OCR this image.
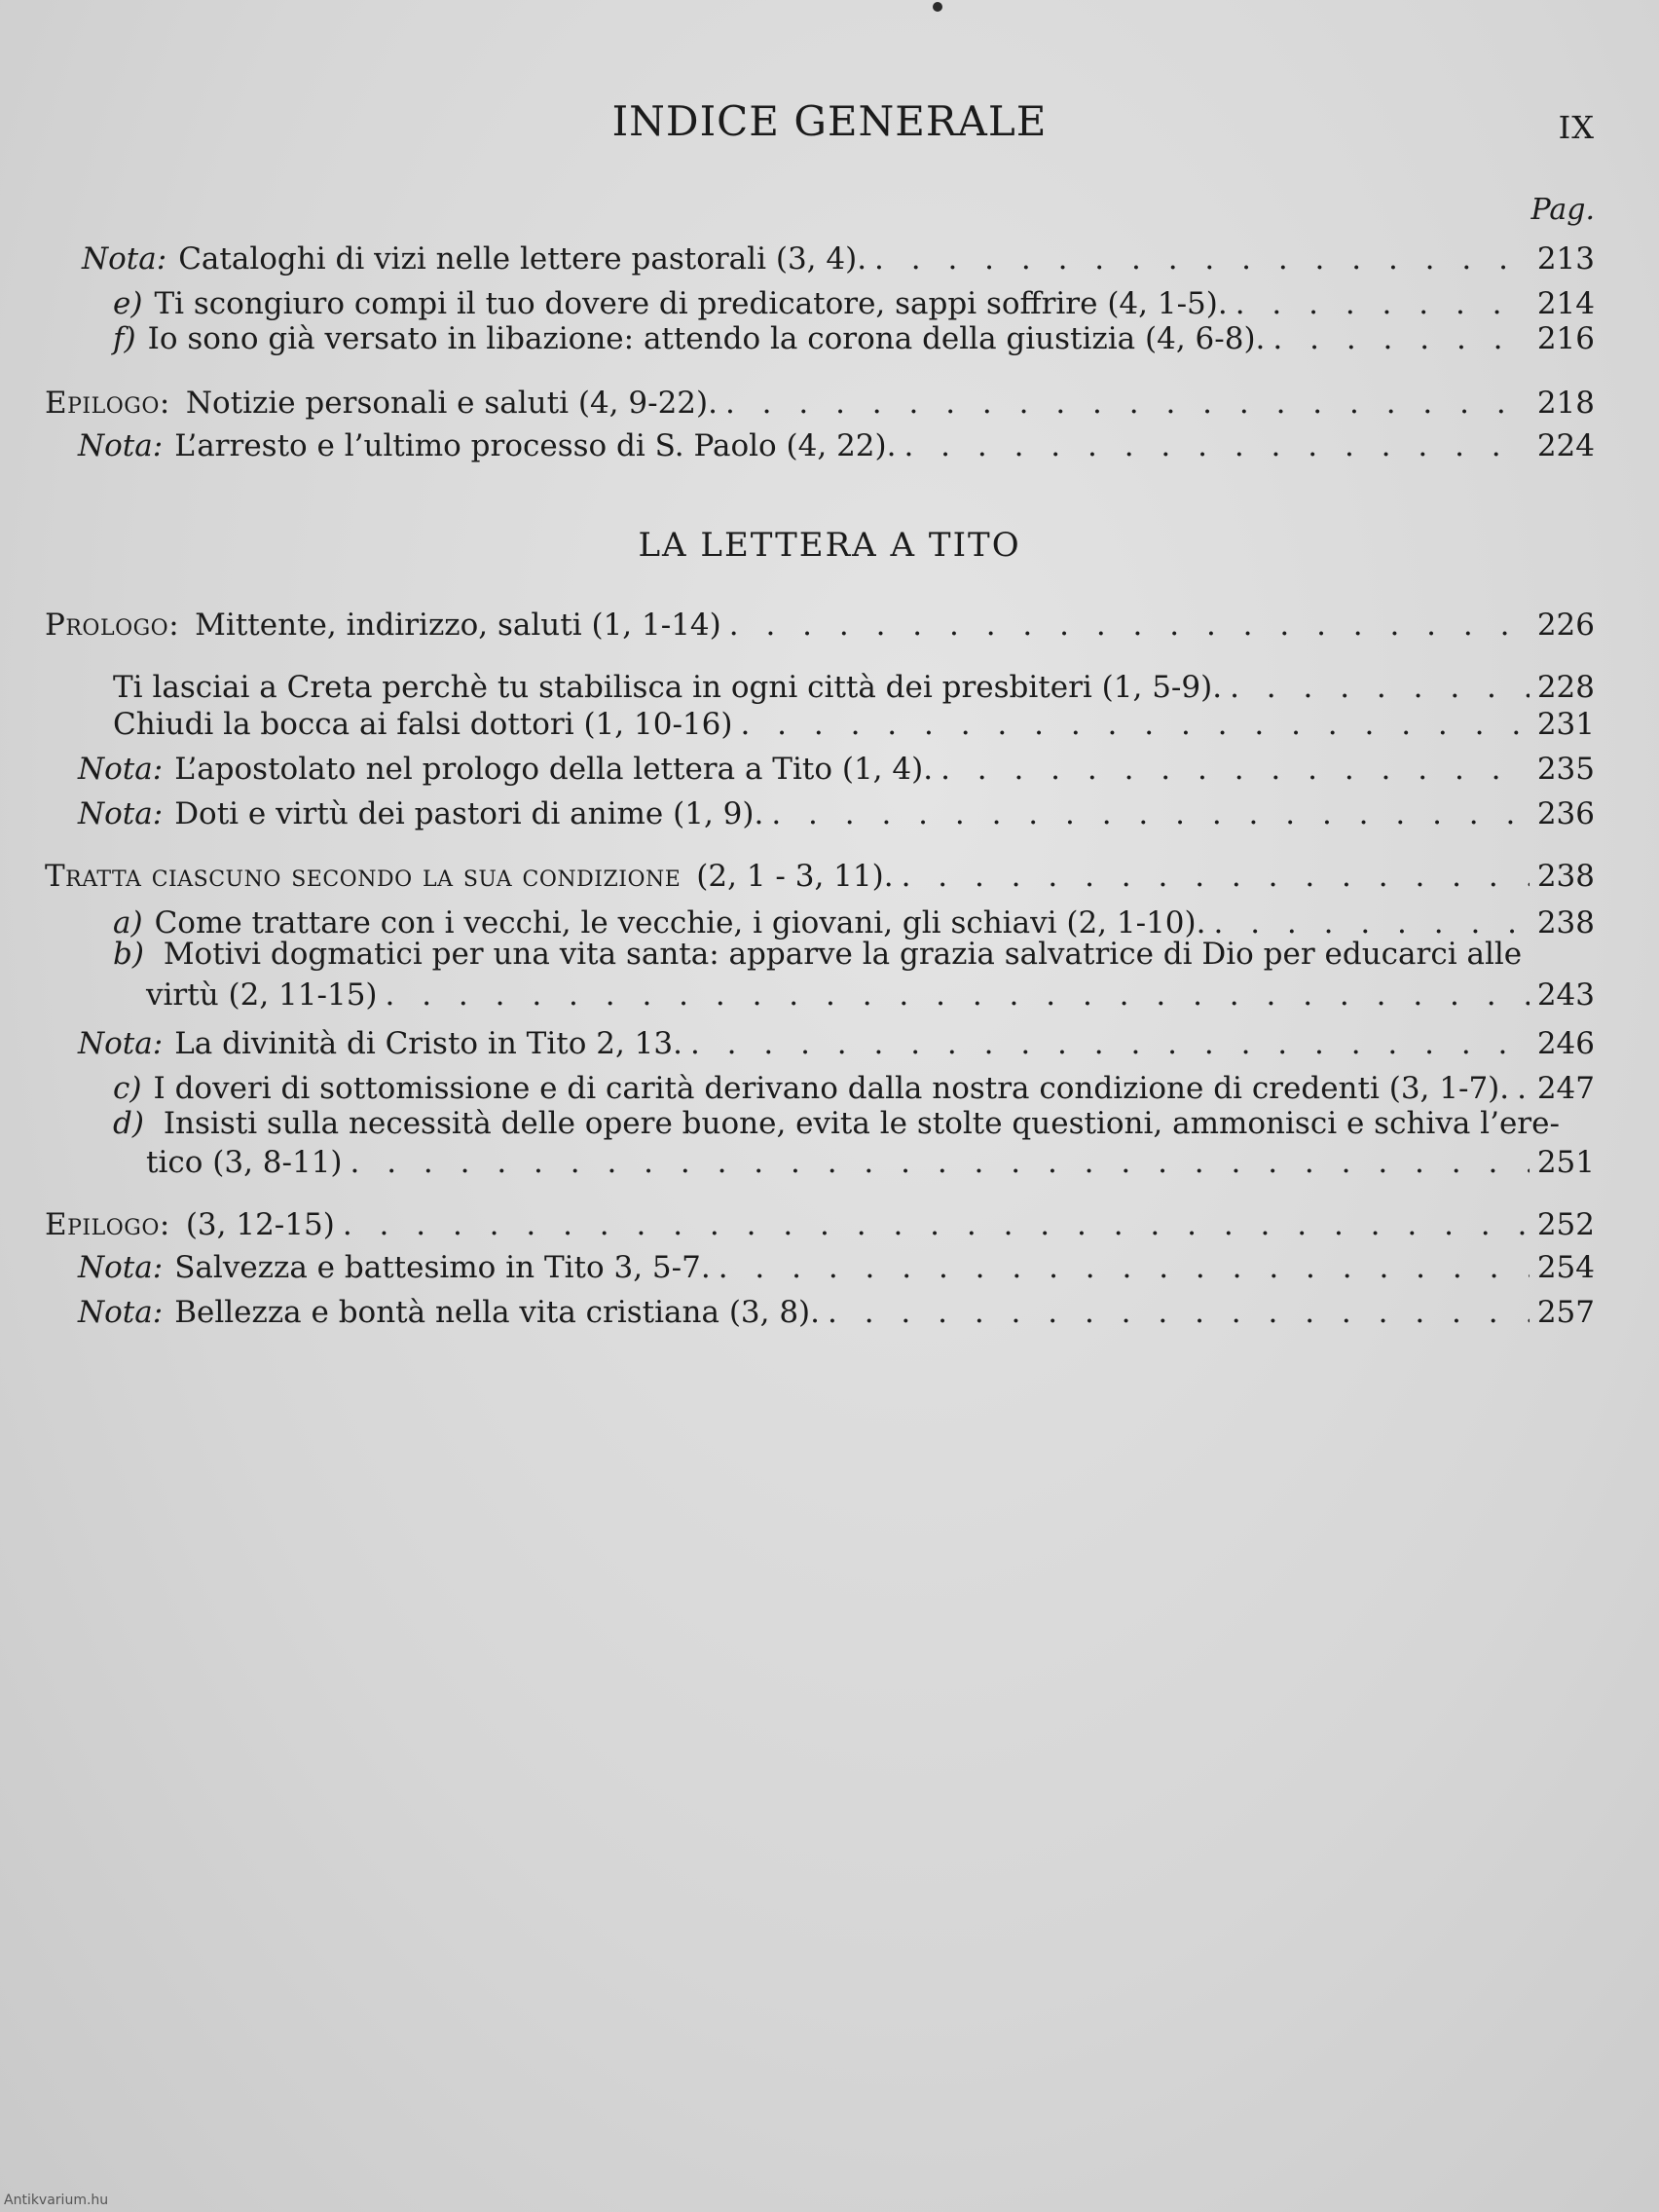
INDICE GENERALE	IX
Pag.
Nota: Cataloghi di vizi nelle lettere pastorali (3, 4). . . .	213
e) Ti scongiuro compi il tuo dovere di predicatore, sappi soffrire (4, 1-5). . . .	214
f) Io sono già versato in libazione: attendo la corona della giustizia (4, 6-8). . . .	216
Epilogo: Notizie personali e saluti (4, 9-22). . . .	218
Nota: L’arresto e l’ultimo processo di S. Paolo (4, 22). . . .	224
LA LETTERA A TITO
Prologo: Mittente, indirizzo, saluti (1, 1-14) . . .	226
Ti lasciai a Creta perchè tu stabilisca in ogni città dei presbiteri (1, 5-9). . . .	228
Chiudi la bocca ai falsi dottori (1, 10-16) . . .	231
Nota: L’apostolato nel prologo della lettera a Tito (1, 4). . . .	235
Nota: Doti e virtù dei pastori di anime (1, 9). . . .	236
Tratta ciascuno secondo la sua condizione (2, 1 - 3, 11). . . .	238
a) Come trattare con i vecchi, le vecchie, i giovani, gli schiavi (2, 1-10). . . .	238
b) Motivi dogmatici per una vita santa: apparve la grazia salvatrice di Dio per educarci alle
virtù (2, 11-15) . . .	243
Nota: La divinità di Cristo in Tito 2, 13. . . .	246
c) I doveri di sottomissione e di carità derivano dalla nostra condizione di credenti (3, 1-7). . . . 247
d) Insisti sulla necessità delle opere buone, evita le stolte questioni, ammonisci e schiva l’ere-
tico (3, 8-11) . . .	251
Epilogo: (3, 12-15) . . .	252
Nota: Salvezza e battesimo in Tito 3, 5-7. . . .	254
Nota: Bellezza e bontà nella vita cristiana (3, 8). . . .	257
Antikvarium.hu
